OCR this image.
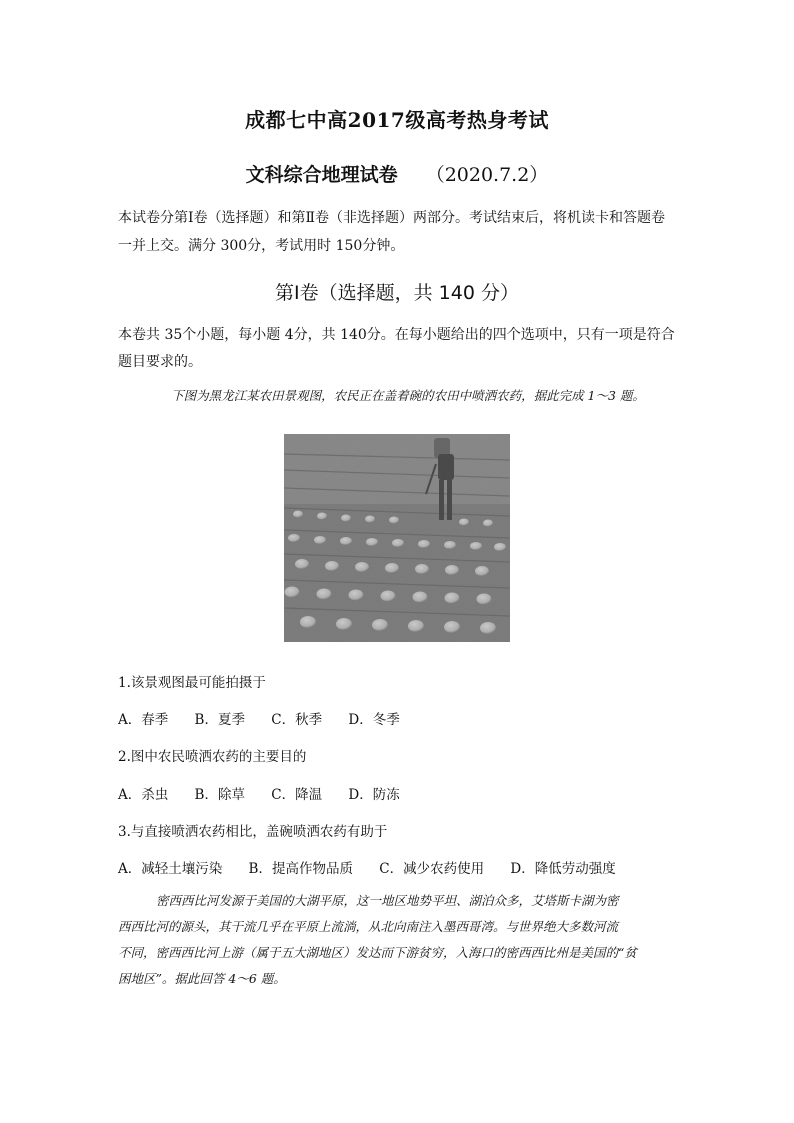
成都七中高2017级高考热身考试
文科综合地理试卷 （2020.7.2）
本试卷分第Ⅰ卷（选择题）和第Ⅱ卷（非选择题）两部分。考试结束后，将机读卡和答题卷
一并上交。满分 300分，考试用时 150分钟。
第Ⅰ卷（选择题，共 140 分）
本卷共 35个小题，每小题 4分，共 140分。在每小题给出的四个选项中，只有一项是符合
题目要求的。
下图为黑龙江某农田景观图，农民正在盖着碗的农田中喷洒农药，据此完成 1～3 题。
1.该景观图最可能拍摄于
A．春季 B．夏季 C．秋季 D．冬季
2.图中农民喷洒农药的主要目的
A．杀虫 B．除草 C．降温 D．防冻
3.与直接喷洒农药相比，盖碗喷洒农药有助于
A．减轻土壤污染 B．提高作物品质 C．减少农药使用 D．降低劳动强度
密西西比河发源于美国的大湖平原，这一地区地势平坦、湖泊众多，艾塔斯卡湖为密
西西比河的源头，其干流几乎在平原上流淌，从北向南注入墨西哥湾。与世界绝大多数河流
不同，密西西比河上游（属于五大湖地区）发达而下游贫穷，入海口的密西西比州是美国的“贫
困地区”。据此回答 4～6 题。
